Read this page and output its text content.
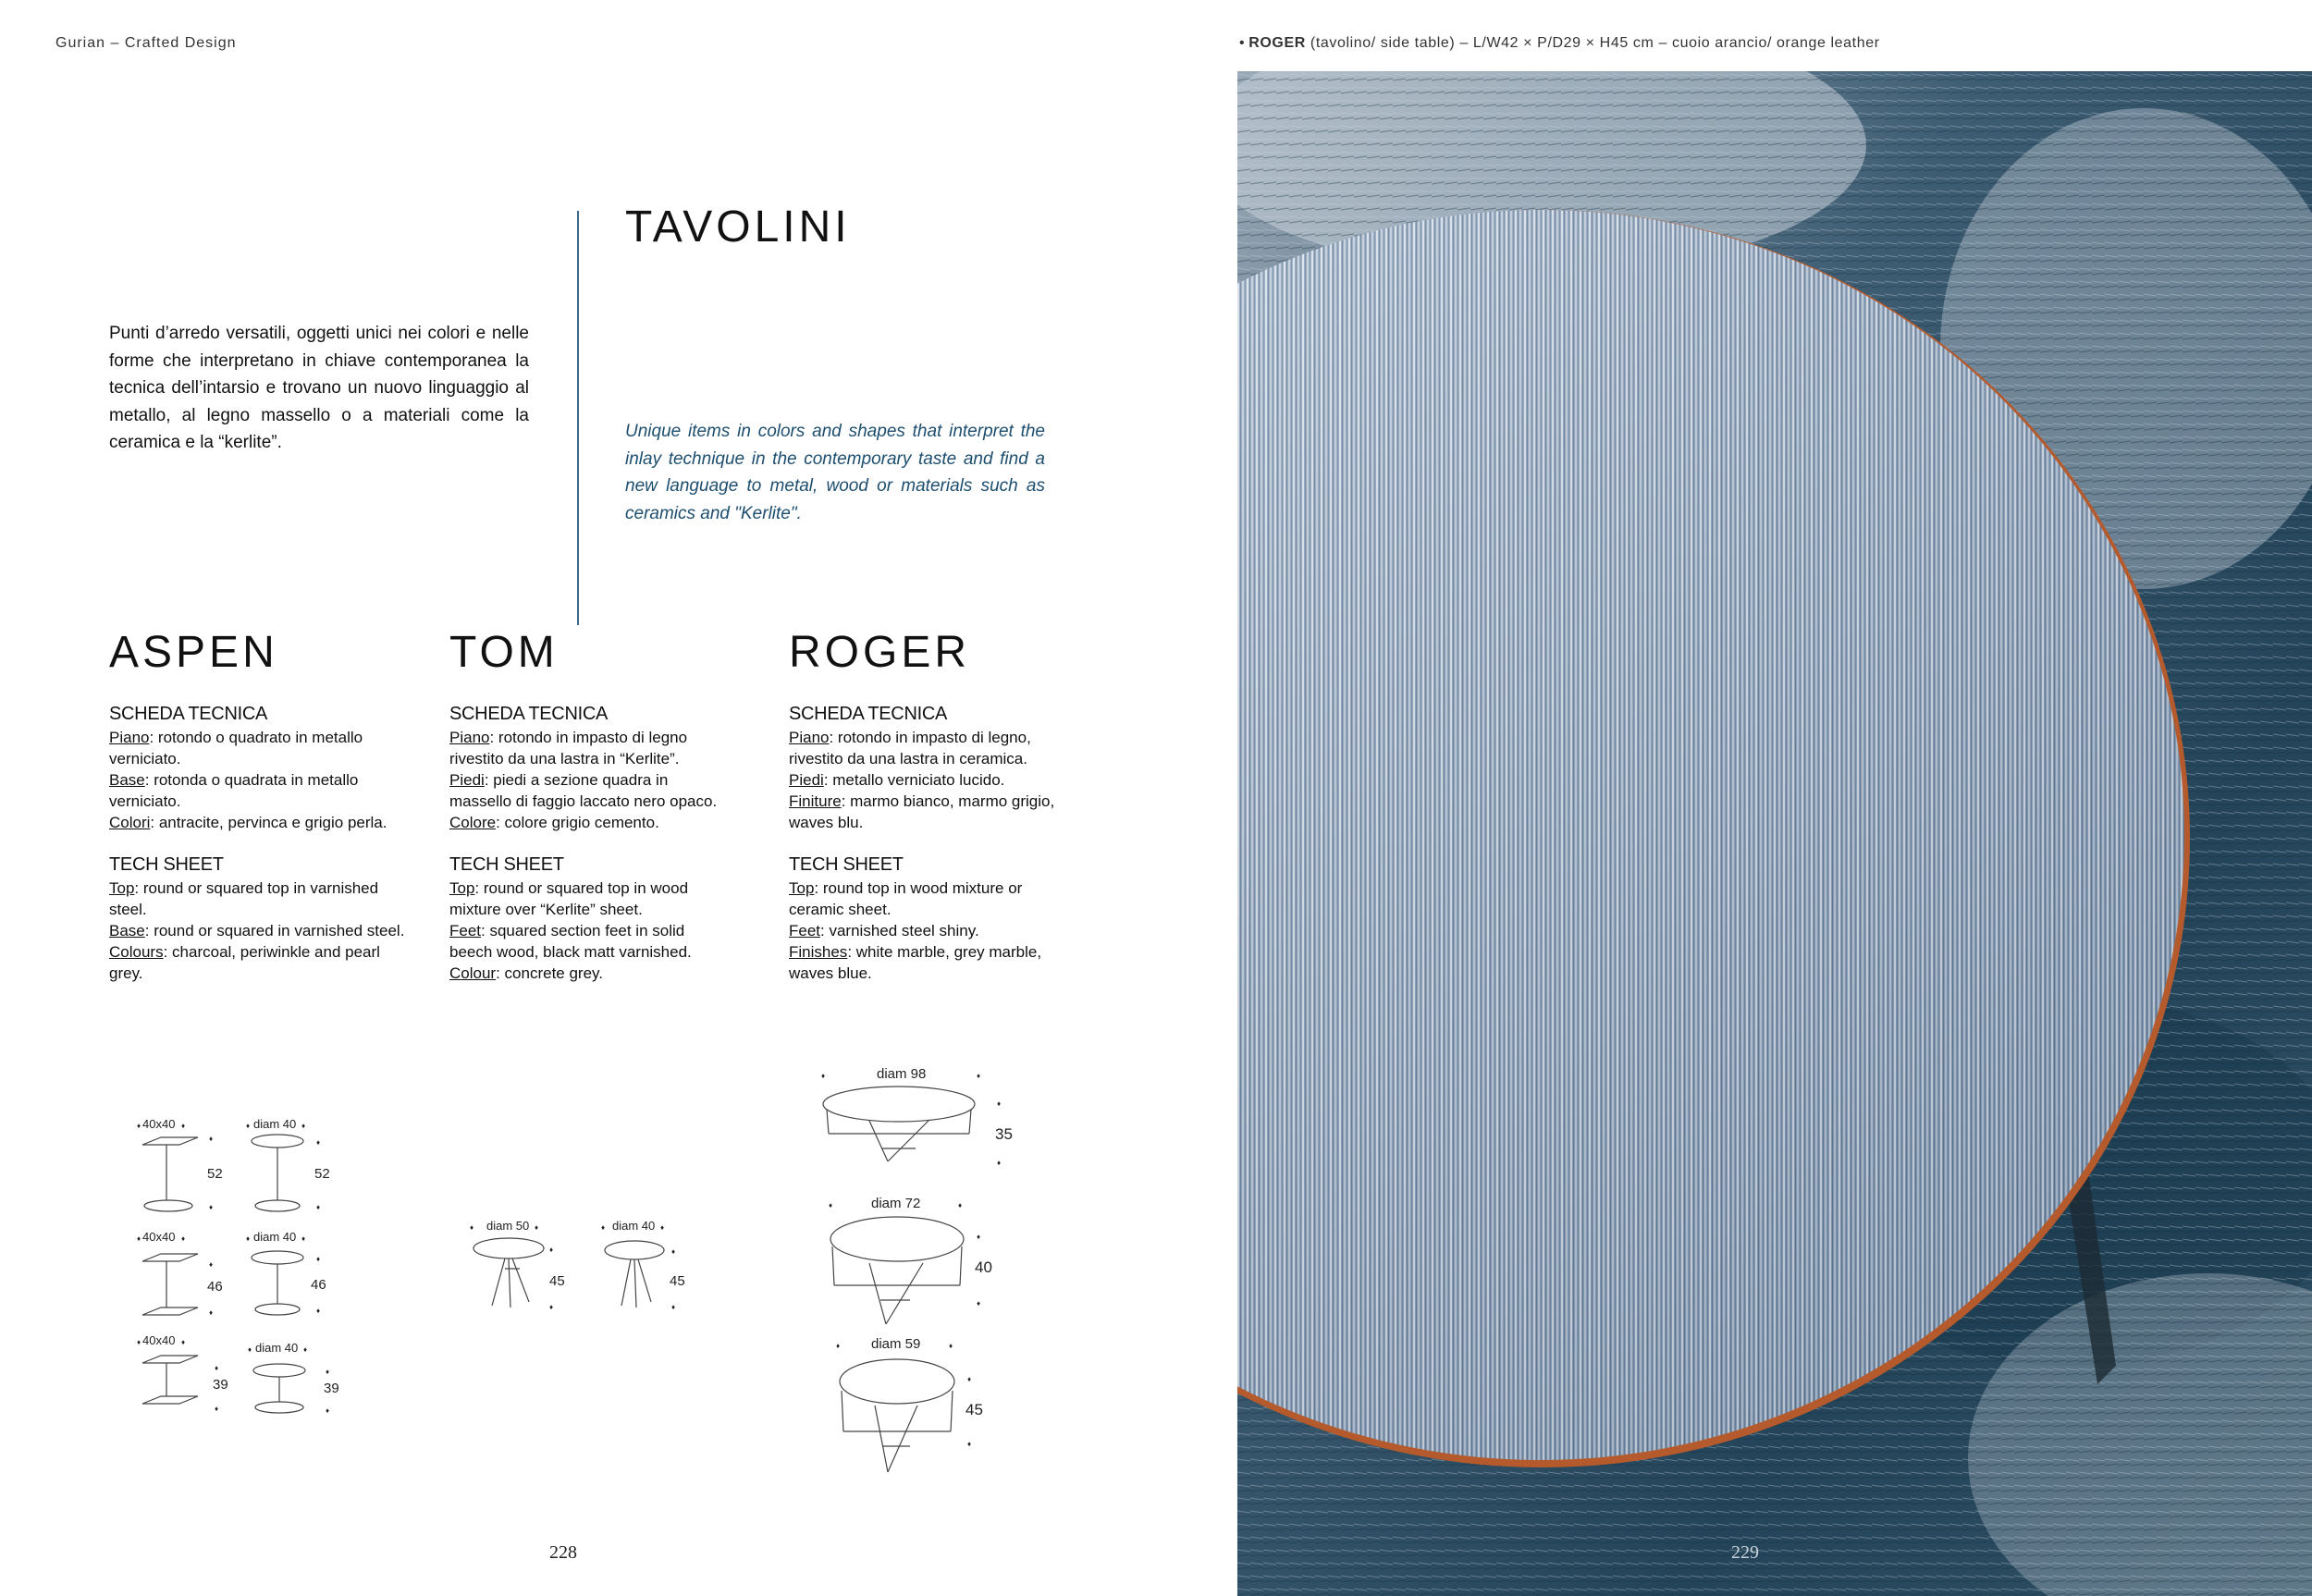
Gurian – Crafted Design	• ROGER (tavolino/ side table) – L/W42 × P/D29 × H45 cm – cuoio arancio/ orange leather
TAVOLINI

Punti d’arredo versatili, oggetti unici nei colori e nelle forme che interpretano in chiave contemporanea la tecnica dell’intarsio e trovano un nuovo linguaggio al metallo, al legno massello o a materiali come la ceramica e la “kerlite”.

Unique items in colors and shapes that interpret the inlay technique in the contemporary taste and find a new language to metal, wood or materials such as ceramics and "Kerlite".

ASPEN
SCHEDA TECNICA
Piano: rotondo o quadrato in metallo verniciato.
Base: rotonda o quadrata in metallo verniciato.
Colori: antracite, pervinca e grigio perla.
TECH SHEET
Top: round or squared top in varnished steel.
Base: round or squared in varnished steel.
Colours: charcoal, periwinkle and pearl grey.
TOM
SCHEDA TECNICA
Piano: rotondo in impasto di legno rivestito da una lastra in “Kerlite”.
Piedi: piedi a sezione quadra in massello di faggio laccato nero opaco.
Colore: colore grigio cemento.
TECH SHEET
Top: round or squared top in wood mixture over “Kerlite” sheet.
Feet: squared section feet in solid beech wood, black matt varnished.
Colour: concrete grey.
ROGER
SCHEDA TECNICA
Piano: rotondo in impasto di legno, rivestito da una lastra in ceramica.
Piedi: metallo verniciato lucido.
Finiture: marmo bianco, marmo grigio, waves blu.
TECH SHEET
Top: round top in wood mixture or ceramic sheet.
Feet: varnished steel shiny.
Finishes: white marble, grey marble, waves blue.
40x40
♦	♦
♦
52
♦
♦ diam 40 ♦
♦
52
♦
♦ 40x40 ♦
♦
46
♦
♦ diam 40 ♦
♦
46
♦
♦ 40x40 ♦
♦
39
♦
♦ diam 40 ♦
♦
39
♦
♦ diam 50 ♦
♦
45
♦
♦ diam 40 ♦
♦
45
♦
♦	diam 98	♦
♦
35
♦
♦	diam 72	♦
♦
40
♦
♦ diam 59	♦
♦
45
♦
228	229
